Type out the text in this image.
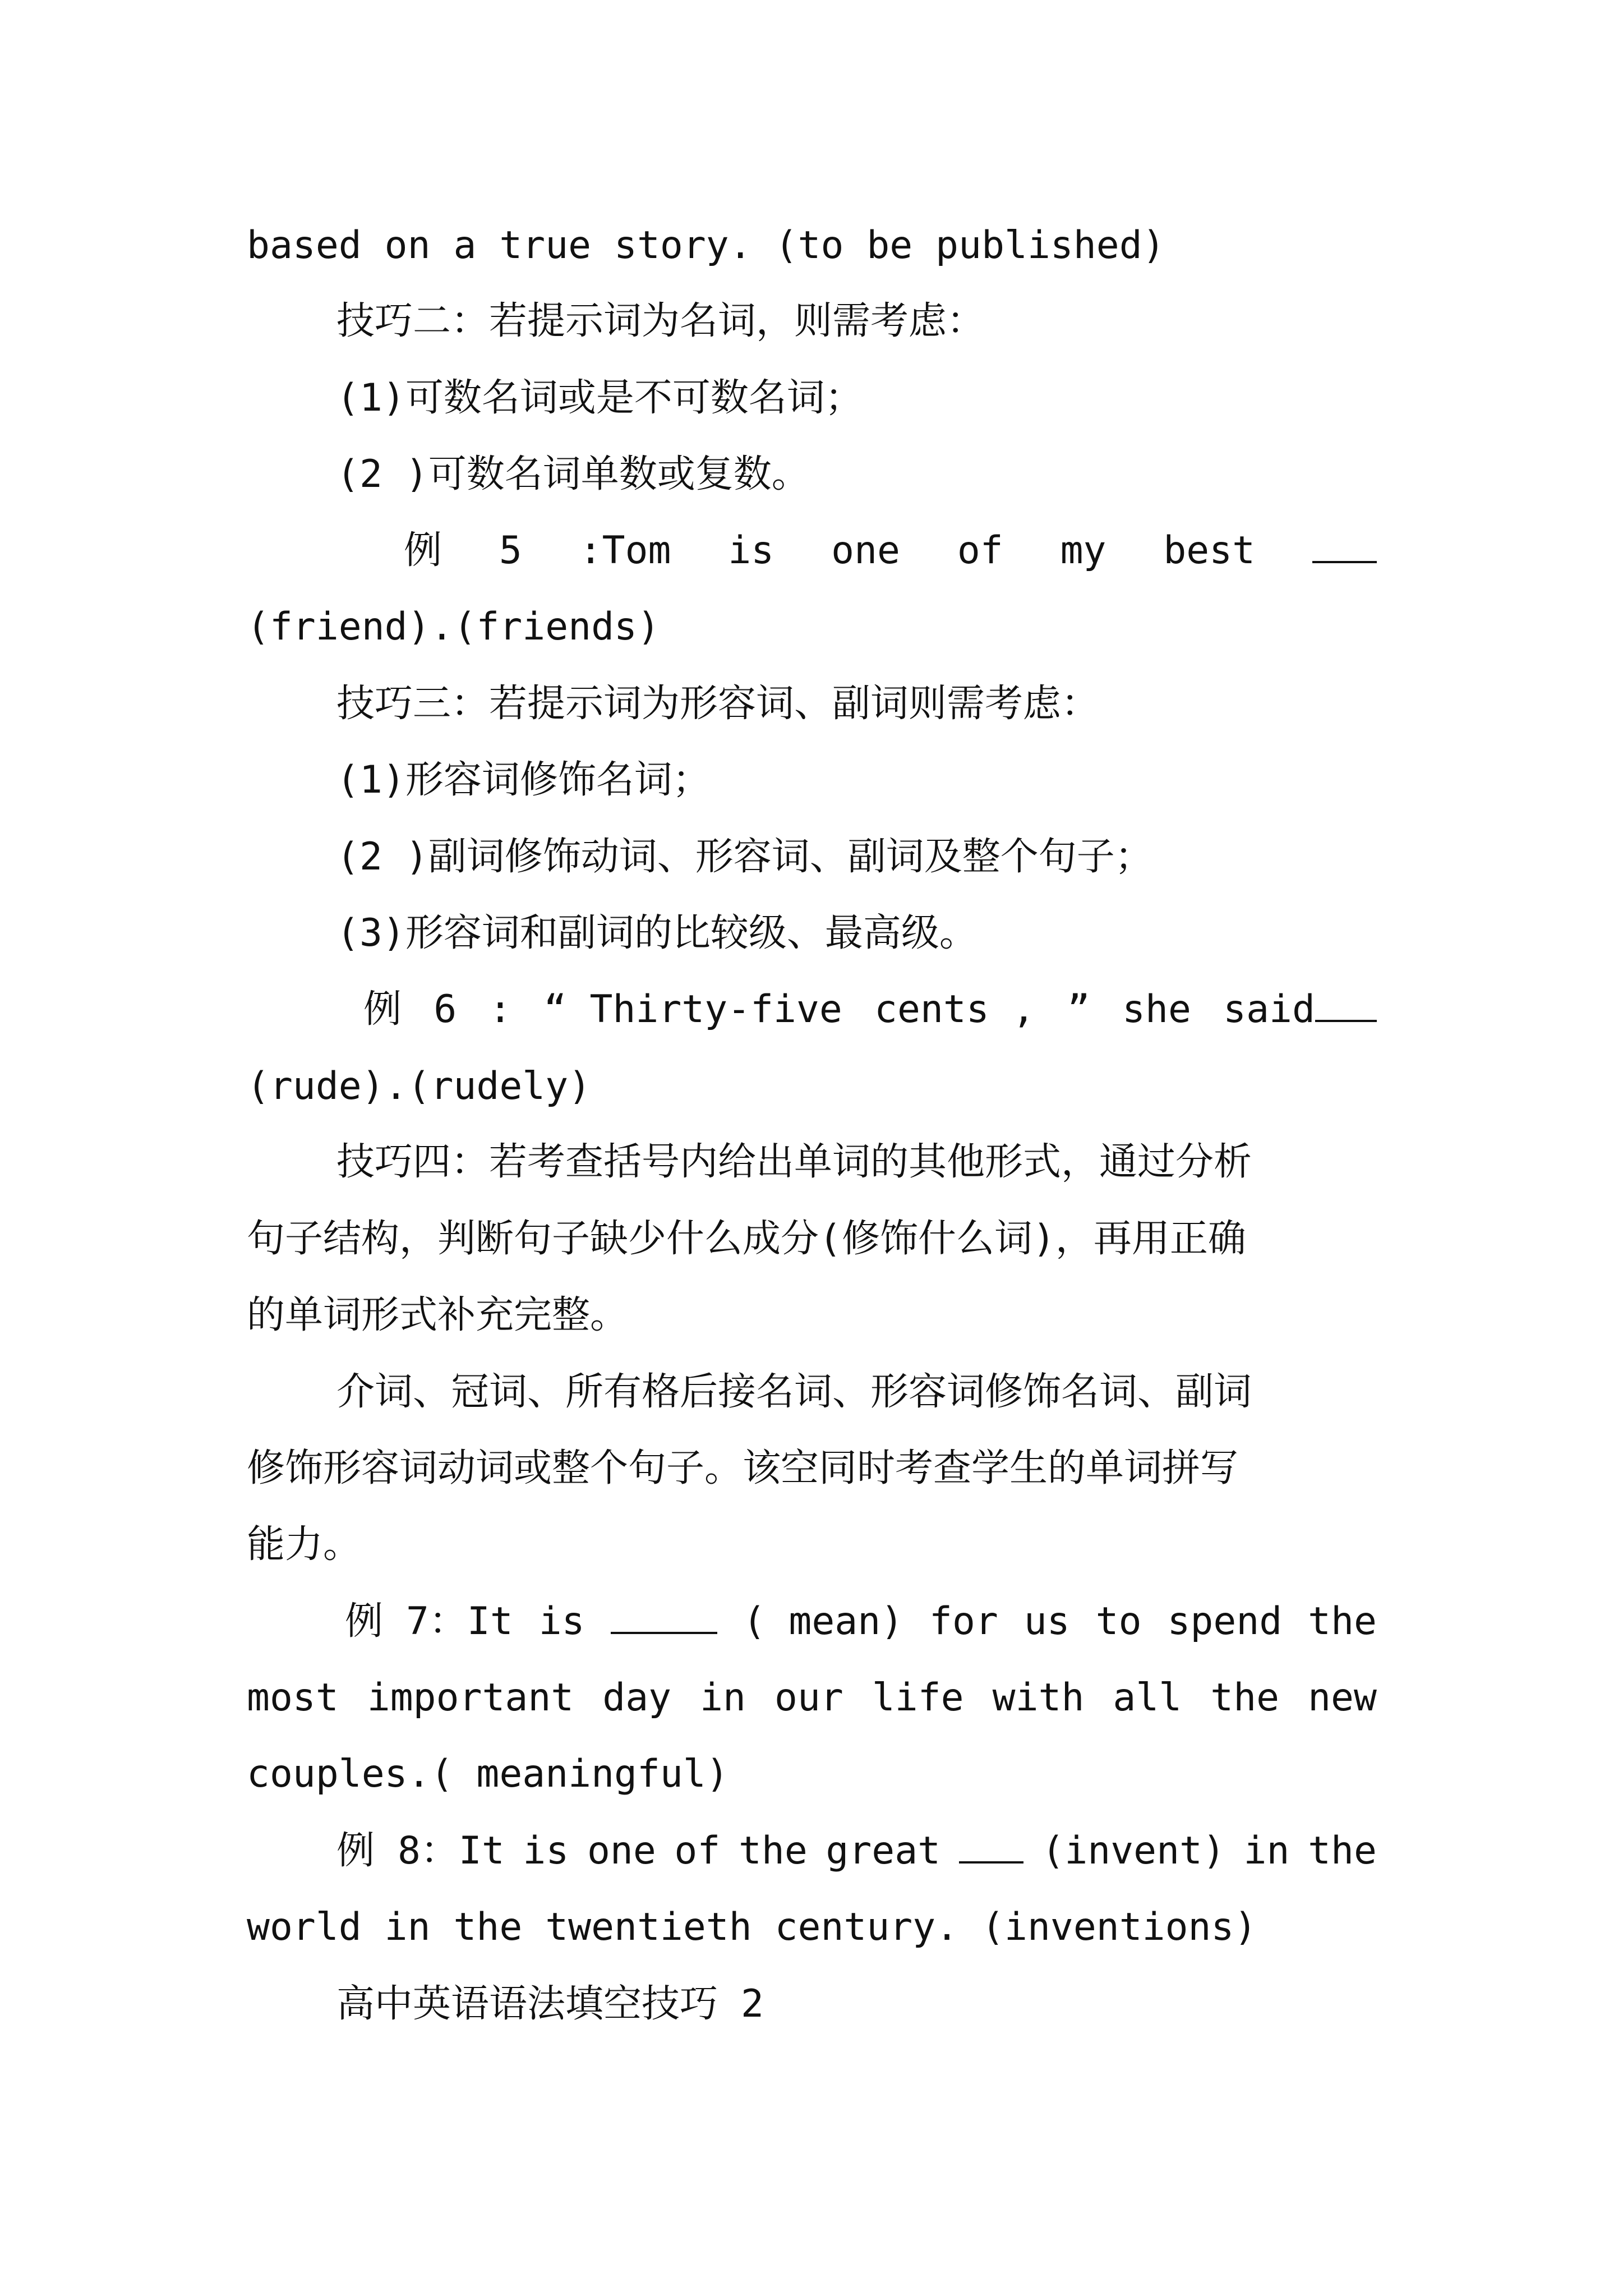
based on a true story. (to be published)
技巧二：若提示词为名词，则需考虑：
(1)可数名词或是不可数名词；
(2 )可数名词单数或复数。
例 5 :Tom is one of my best
(friend).(friends)
技巧三：若提示词为形容词、副词则需考虑：
(1)形容词修饰名词；
(2 )副词修饰动词、形容词、副词及整个句子；
(3)形容词和副词的比较级、最高级。
例 6 : “ Thirty-five cents , ” she said
(rude).(rudely)
技巧四：若考查括号内给出单词的其他形式，通过分析
句子结构，判断句子缺少什么成分(修饰什么词)，再用正确
的单词形式补充完整。
介词、冠词、所有格后接名词、形容词修饰名词、副词
修饰形容词动词或整个句子。该空同时考查学生的单词拼写
能力。
例 7：It is	( mean) for us to spend the
most important day in our life with all the new
couples.( meaningful)
例 8：It is one of the great	(invent) in the
world in the twentieth century. (inventions)
高中英语语法填空技巧 2
